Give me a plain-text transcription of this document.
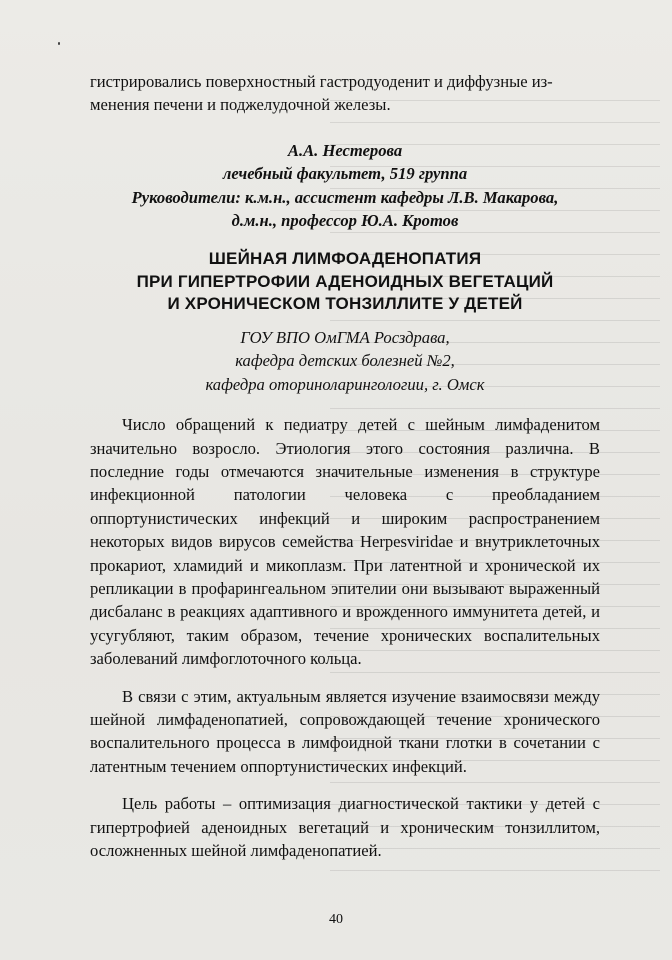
гистрировались поверхностный гастродуоденит и диффузные из-
менения печени и поджелудочной железы.

А.А. Нестерова
лечебный факультет, 519 группа
Руководители: к.м.н., ассистент кафедры Л.В. Макарова,
д.м.н., профессор Ю.А. Кротов
ШЕЙНАЯ ЛИМФОАДЕНОПАТИЯ
ПРИ ГИПЕРТРОФИИ АДЕНОИДНЫХ ВЕГЕТАЦИЙ
И ХРОНИЧЕСКОМ ТОНЗИЛЛИТЕ У ДЕТЕЙ
ГОУ ВПО ОмГМА Росздрава,
кафедра детских болезней №2,
кафедра оториноларингологии, г. Омск

Число обращений к педиатру детей с шейным лимфаденитом значительно возросло. Этиология этого состояния различна. В последние годы отмечаются значительные изменения в структуре инфекционной патологии человека с преобладанием оппортунистических инфекций и широким распространением некоторых видов вирусов семейства Herpesviridae и внутриклеточных прокариот, хламидий и микоплазм. При латентной и хронической их репликации в профарингеальном эпителии они вызывают выраженный дисбаланс в реакциях адаптивного и врожденного иммунитета детей, и усугубляют, таким образом, течение хронических воспалительных заболеваний лимфоглоточного кольца.

В связи с этим, актуальным является изучение взаимосвязи между шейной лимфаденопатией, сопровождающей течение хронического воспалительного процесса в лимфоидной ткани глотки в сочетании с латентным течением оппортунистических инфекций.

Цель работы – оптимизация диагностической тактики у детей с гипертрофией аденоидных вегетаций и хроническим тонзиллитом, осложненных шейной лимфаденопатией.

40
